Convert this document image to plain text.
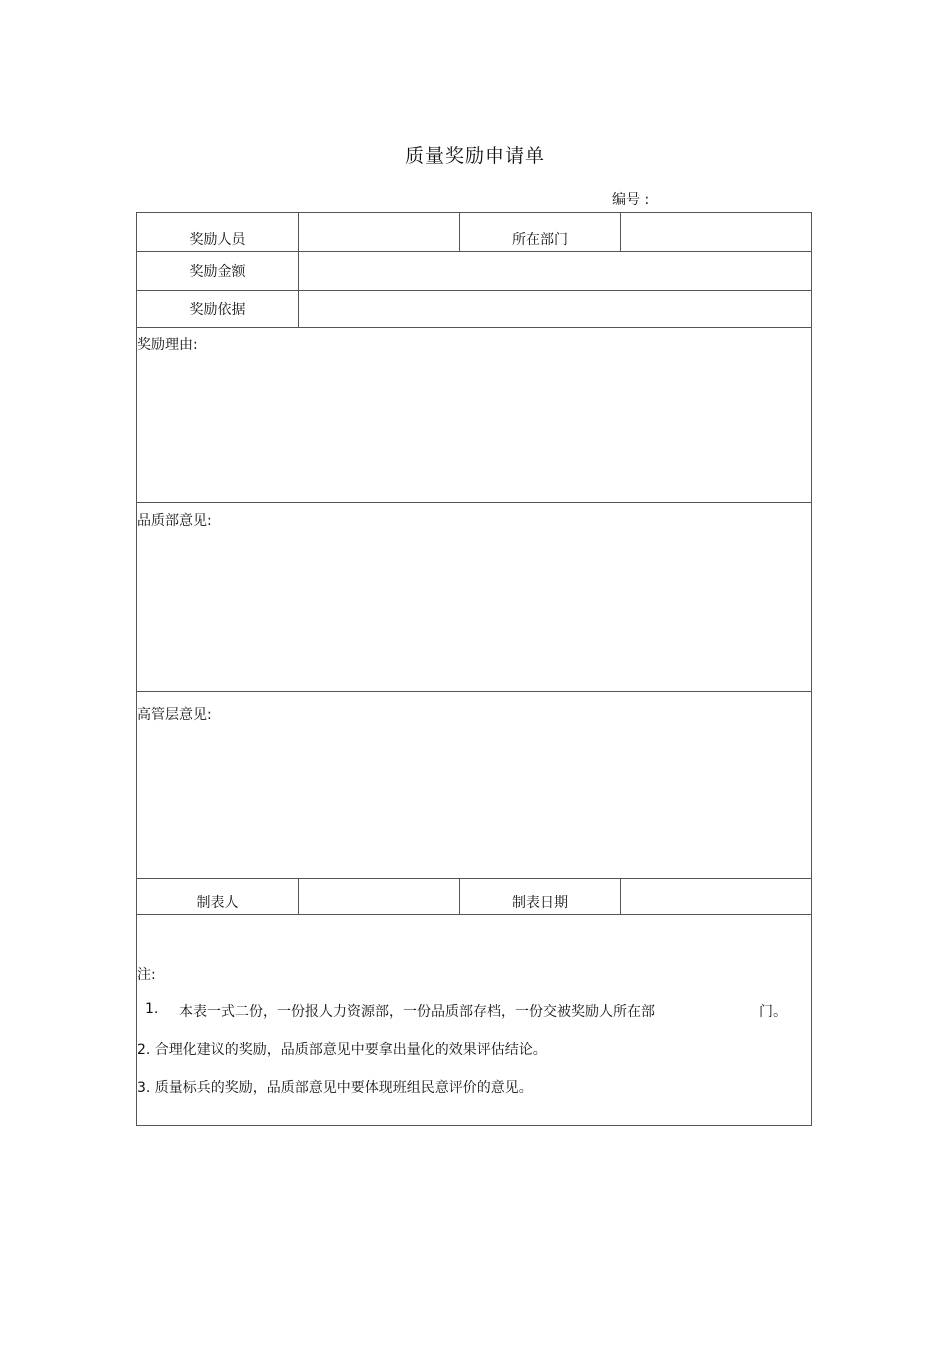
质量奖励申请单
编号 :
奖励人员	所在部门
奖励金额
奖励依据
奖励理由:
品质部意见:
高管层意见:
制表人	制表日期
注:
1. 本表一式二份，一份报人力资源部，一份品质部存档，一份交被奖励人所在部	门。
2. 合理化建议的奖励，品质部意见中要拿出量化的效果评估结论。
3. 质量标兵的奖励，品质部意见中要体现班组民意评价的意见。
